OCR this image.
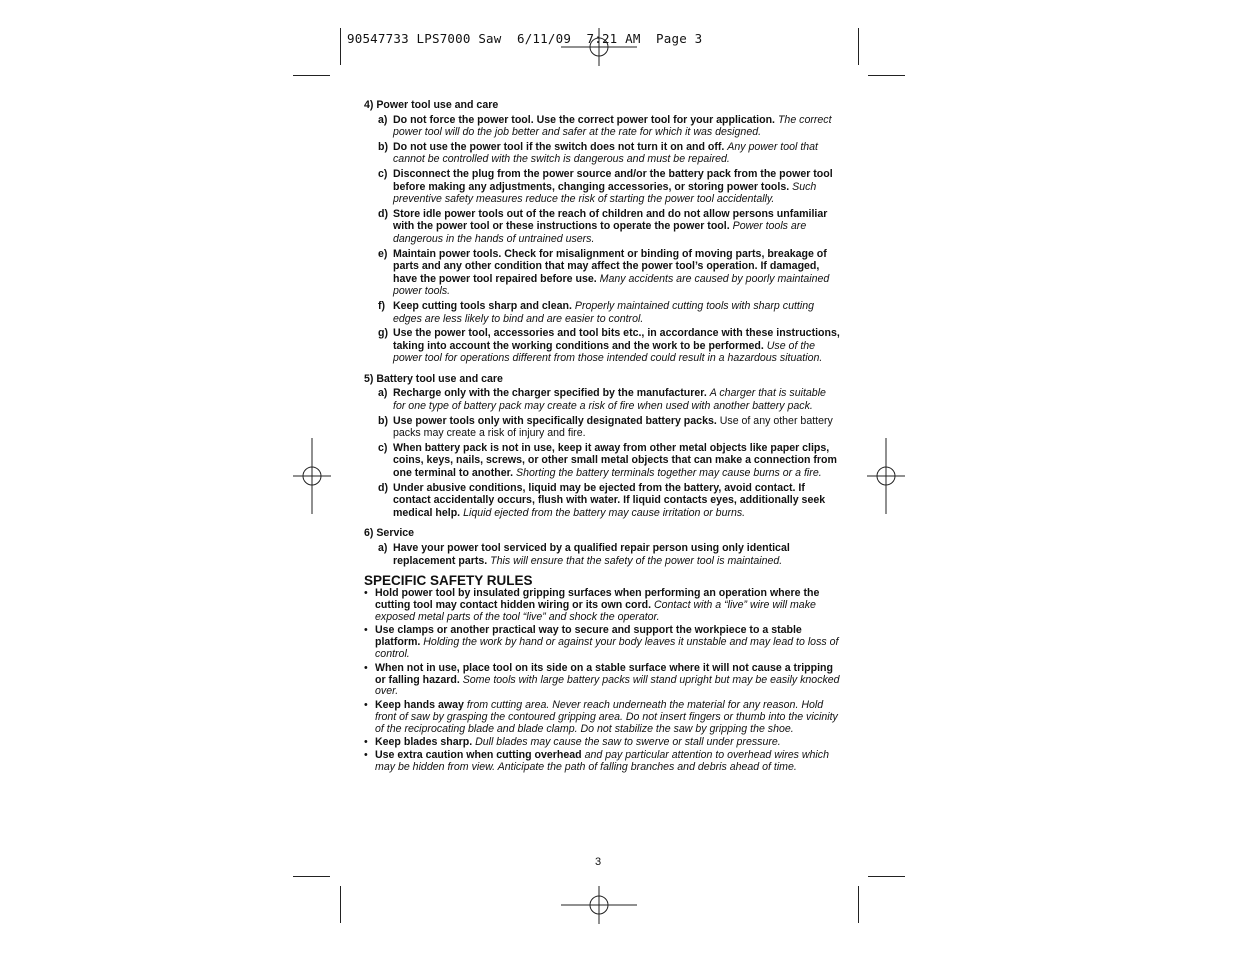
90547733 LPS7000 Saw  6/11/09  7:21 AM  Page 3
4) Power tool use and care
a) Do not force the power tool. Use the correct power tool for your application. The correct power tool will do the job better and safer at the rate for which it was designed.
b) Do not use the power tool if the switch does not turn it on and off. Any power tool that cannot be controlled with the switch is dangerous and must be repaired.
c) Disconnect the plug from the power source and/or the battery pack from the power tool before making any adjustments, changing accessories, or storing power tools. Such preventive safety measures reduce the risk of starting the power tool accidentally.
d) Store idle power tools out of the reach of children and do not allow persons unfamiliar with the power tool or these instructions to operate the power tool. Power tools are dangerous in the hands of untrained users.
e) Maintain power tools. Check for misalignment or binding of moving parts, breakage of parts and any other condition that may affect the power tool’s operation. If damaged, have the power tool repaired before use. Many accidents are caused by poorly maintained power tools.
f) Keep cutting tools sharp and clean. Properly maintained cutting tools with sharp cutting edges are less likely to bind and are easier to control.
g) Use the power tool, accessories and tool bits etc., in accordance with these instructions, taking into account the working conditions and the work to be performed. Use of the power tool for operations different from those intended could result in a hazardous situation.
5) Battery tool use and care
a) Recharge only with the charger specified by the manufacturer. A charger that is suitable for one type of battery pack may create a risk of fire when used with another battery pack.
b) Use power tools only with specifically designated battery packs. Use of any other battery packs may create a risk of injury and fire.
c) When battery pack is not in use, keep it away from other metal objects like paper clips, coins, keys, nails, screws, or other small metal objects that can make a connection from one terminal to another. Shorting the battery terminals together may cause burns or a fire.
d) Under abusive conditions, liquid may be ejected from the battery, avoid contact. If contact accidentally occurs, flush with water. If liquid contacts eyes, additionally seek medical help. Liquid ejected from the battery may cause irritation or burns.
6) Service
a) Have your power tool serviced by a qualified repair person using only identical replacement parts. This will ensure that the safety of the power tool is maintained.
SPECIFIC SAFETY RULES
• Hold power tool by insulated gripping surfaces when performing an operation where the cutting tool may contact hidden wiring or its own cord. Contact with a “live” wire will make exposed metal parts of the tool “live” and shock the operator.
• Use clamps or another practical way to secure and support the workpiece to a stable platform. Holding the work by hand or against your body leaves it unstable and may lead to loss of control.
• When not in use, place tool on its side on a stable surface where it will not cause a tripping or falling hazard. Some tools with large battery packs will stand upright but may be easily knocked over.
• Keep hands away from cutting area. Never reach underneath the material for any reason. Hold front of saw by grasping the contoured gripping area. Do not insert fingers or thumb into the vicinity of the reciprocating blade and blade clamp. Do not stabilize the saw by gripping the shoe.
• Keep blades sharp. Dull blades may cause the saw to swerve or stall under pressure.
• Use extra caution when cutting overhead and pay particular attention to overhead wires which may be hidden from view. Anticipate the path of falling branches and debris ahead of time.
3
